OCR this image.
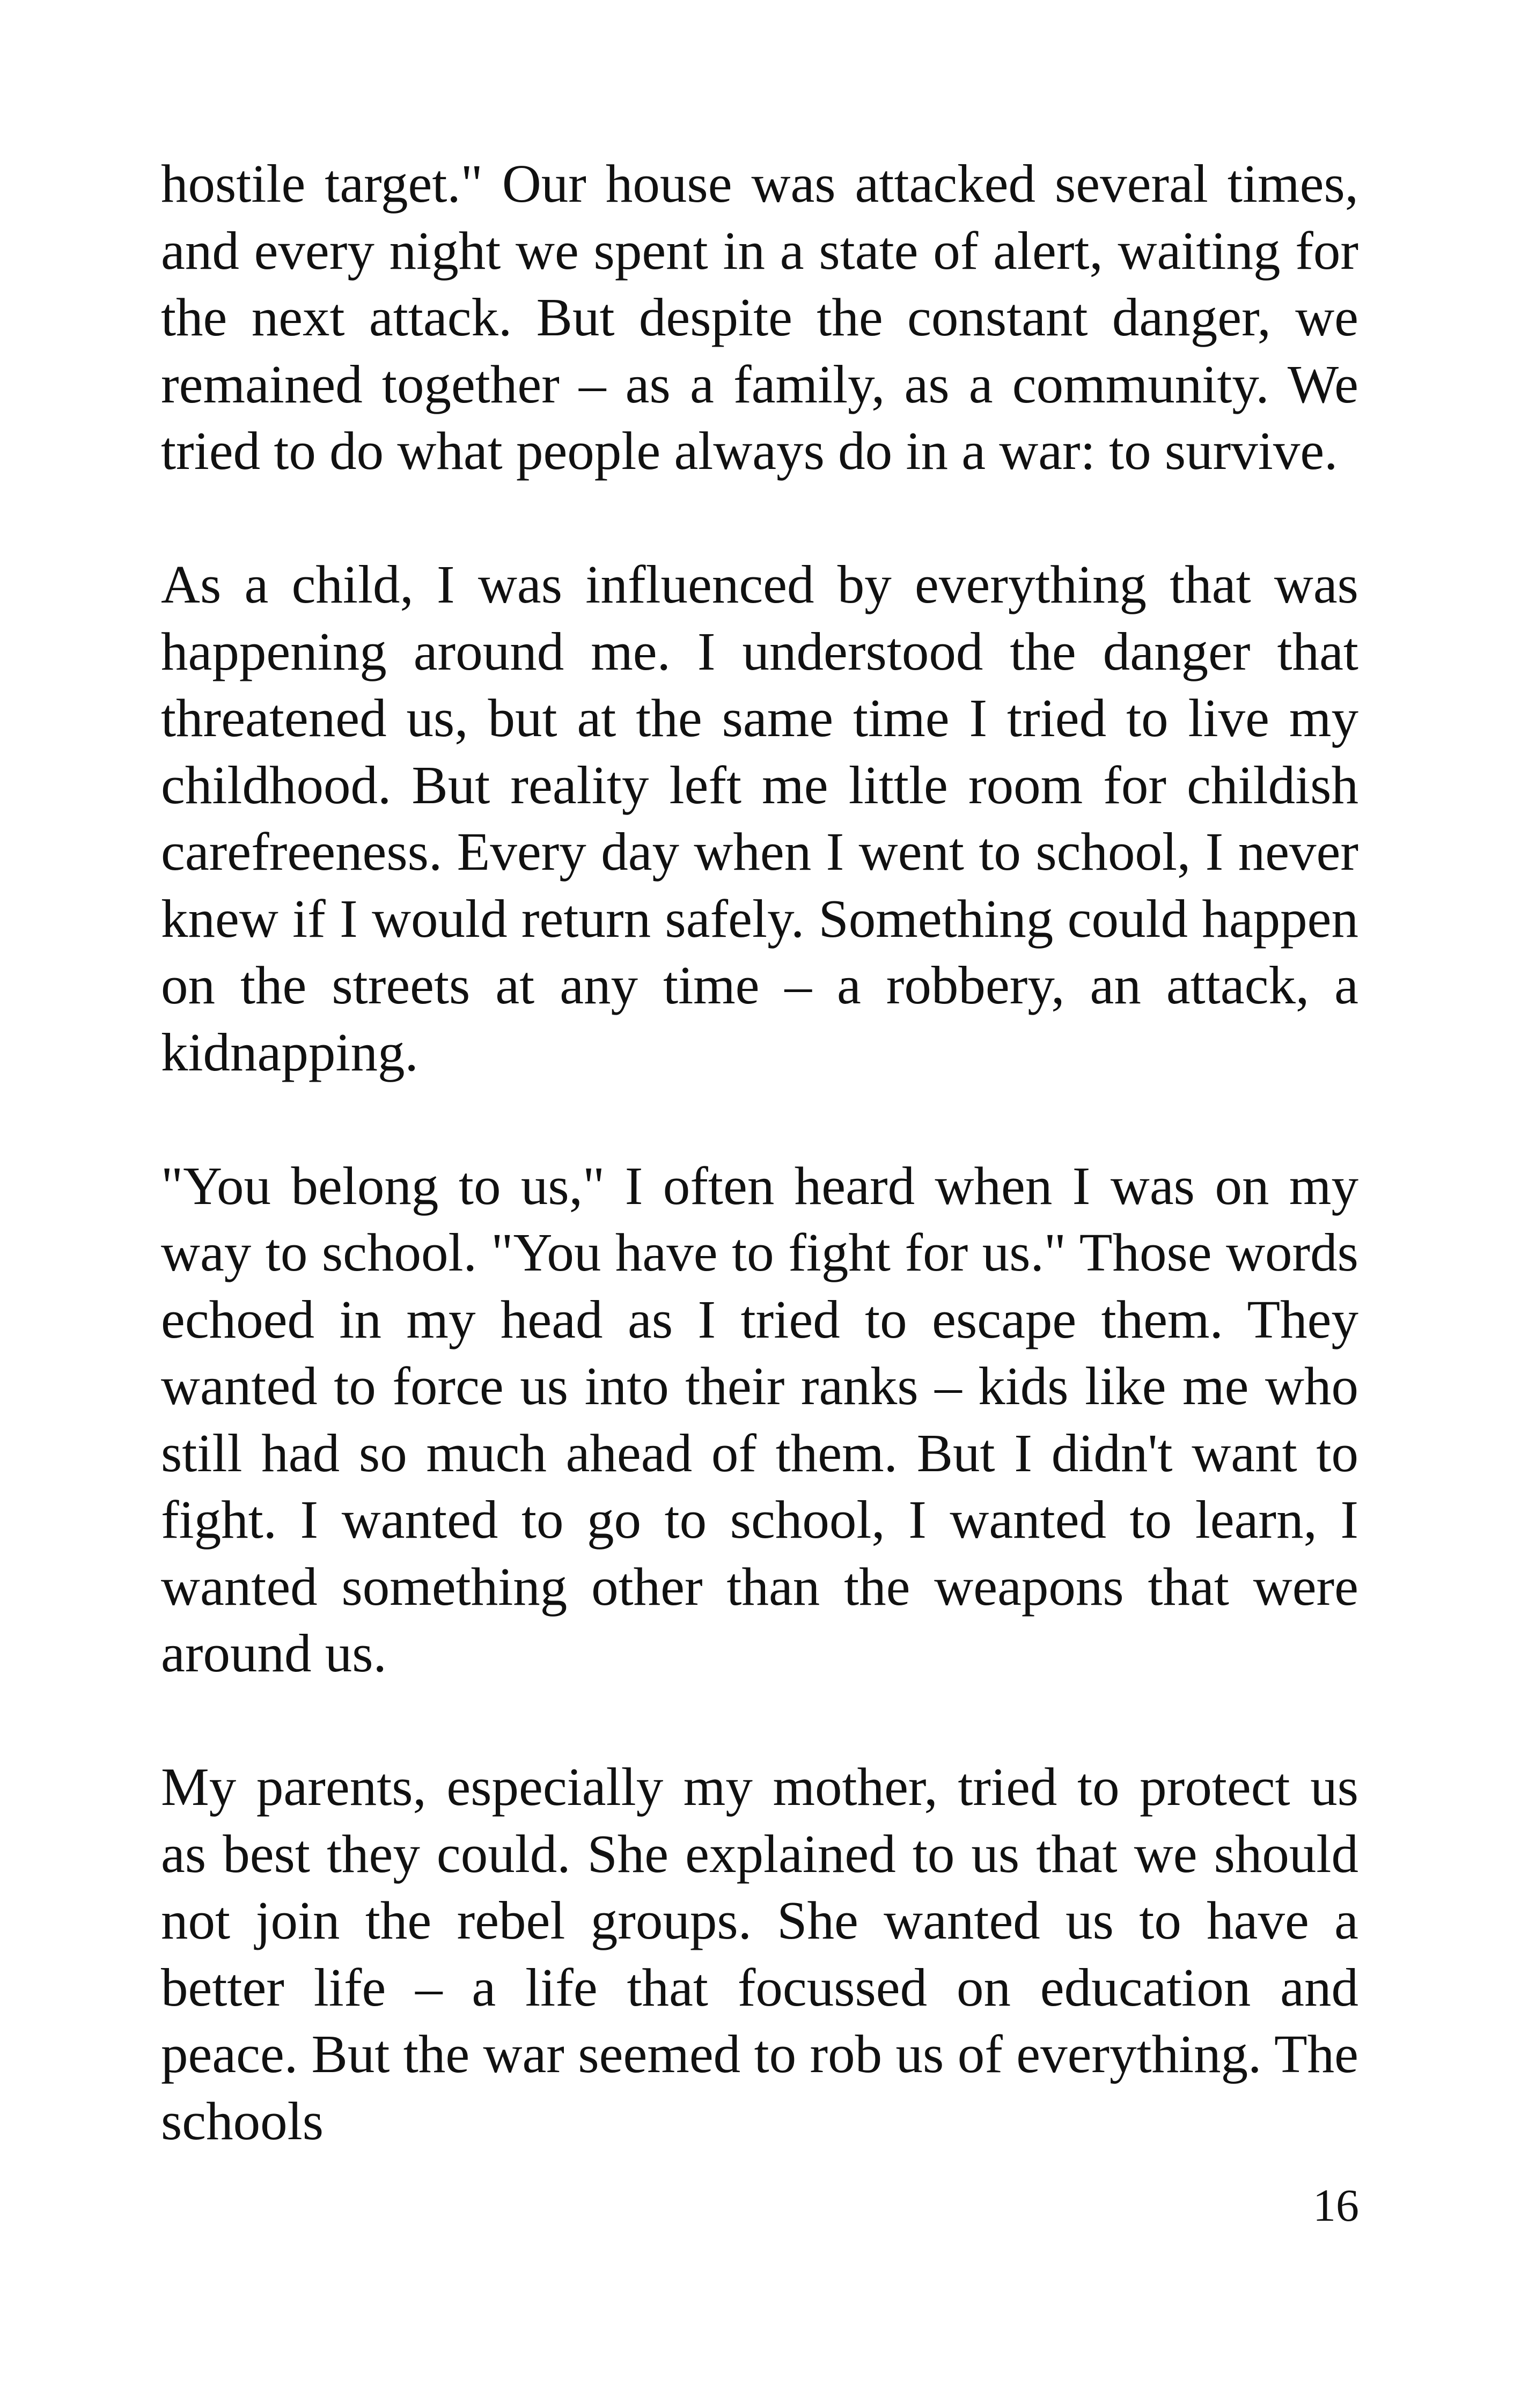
hostile target." Our house was attacked several times, and every night we spent in a state of alert, waiting for the next attack. But despite the constant danger, we remained together – as a family, as a community. We tried to do what people always do in a war: to survive.

As a child, I was influenced by everything that was happening around me. I understood the danger that threatened us, but at the same time I tried to live my childhood. But reality left me little room for childish carefreeness. Every day when I went to school, I never knew if I would return safely. Something could happen on the streets at any time – a robbery, an attack, a kidnapping.

"You belong to us," I often heard when I was on my way to school. "You have to fight for us." Those words echoed in my head as I tried to escape them. They wanted to force us into their ranks – kids like me who still had so much ahead of them. But I didn't want to fight. I wanted to go to school, I wanted to learn, I wanted something other than the weapons that were around us.

My parents, especially my mother, tried to protect us as best they could. She explained to us that we should not join the rebel groups. She wanted us to have a better life – a life that focussed on education and peace. But the war seemed to rob us of everything. The schools

16
